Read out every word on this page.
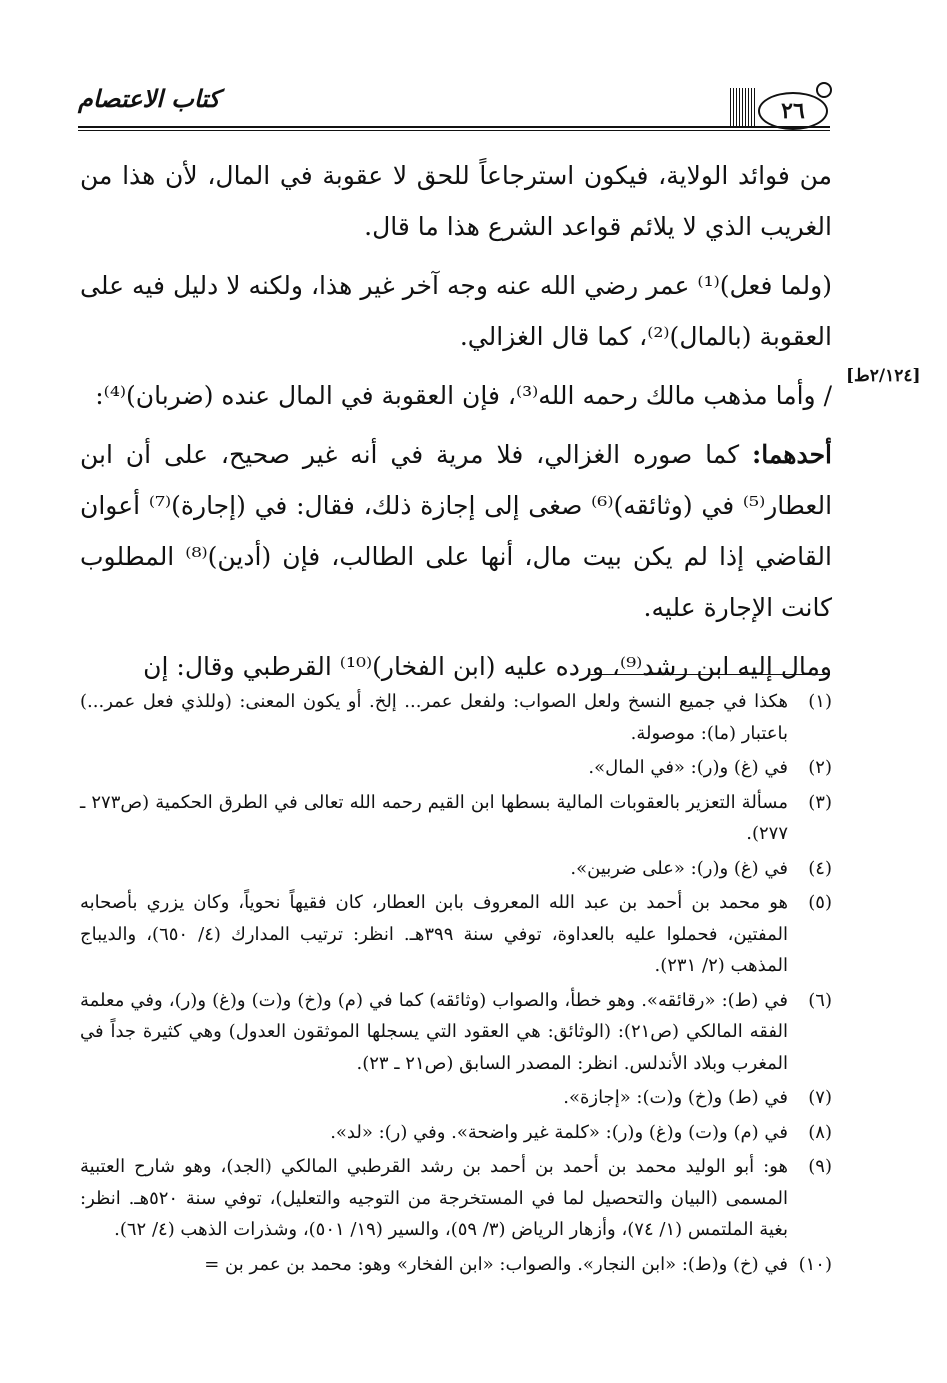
كتاب الاعتصام	٢٦
[٢/١٢٤ط]

من فوائد الولاية، فيكون استرجاعاً للحق لا عقوبة في المال، لأن هذا من الغريب الذي لا يلائم قواعد الشرع هذا ما قال.

(ولما فعل)⁽¹⁾ عمر رضي الله عنه وجه آخر غير هذا، ولكنه لا دليل فيه على العقوبة (بالمال)⁽²⁾، كما قال الغزالي.

/ وأما مذهب مالك رحمه الله⁽³⁾، فإن العقوبة في المال عنده (ضربان)⁽⁴⁾:

أحدهما: كما صوره الغزالي، فلا مرية في أنه غير صحيح، على أن ابن العطار⁽⁵⁾ في (وثائقه)⁽⁶⁾ صغى إلى إجازة ذلك، فقال: في (إجارة)⁽⁷⁾ أعوان القاضي إذا لم يكن بيت مال، أنها على الطالب، فإن (أدين)⁽⁸⁾ المطلوب كانت الإجارة عليه.

ومال إليه ابن رشد⁽⁹⁾، ورده عليه (ابن الفخار)⁽¹⁰⁾ القرطبي وقال: إن

(١)
هكذا في جميع النسخ ولعل الصواب: ولفعل عمر... إلخ. أو يكون المعنى: (وللذي فعل عمر...) باعتبار (ما): موصولة.
(٢)
في (غ) و(ر): «في المال».
(٣)
مسألة التعزير بالعقوبات المالية بسطها ابن القيم رحمه الله تعالى في الطرق الحكمية (ص٢٧٣ ـ ٢٧٧).
(٤)
في (غ) و(ر): «على ضربين».
(٥)
هو محمد بن أحمد بن عبد الله المعروف بابن العطار، كان فقيهاً نحوياً، وكان يزري بأصحابه المفتين، فحملوا عليه بالعداوة، توفي سنة ٣٩٩هـ. انظر: ترتيب المدارك (٤/ ٦٥٠)، والديباج المذهب (٢/ ٢٣١).
(٦)
في (ط): «رقائقه». وهو خطأ، والصواب (وثائقه) كما في (م) و(خ) و(ت) و(غ) و(ر)، وفي معلمة الفقه المالكي (ص٢١): (الوثائق: هي العقود التي يسجلها الموثقون العدول) وهي كثيرة جداً في المغرب وبلاد الأندلس. انظر: المصدر السابق (ص٢١ ـ ٢٣).
(٧)
في (ط) و(خ) و(ت): «إجازة».
(٨)
في (م) و(ت) و(غ) و(ر): «كلمة غير واضحة». وفي (ر): «لد».
(٩)
هو: أبو الوليد محمد بن أحمد بن أحمد بن رشد القرطبي المالكي (الجد)، وهو شارح العتبية المسمى (البيان والتحصيل لما في المستخرجة من التوجيه والتعليل)، توفي سنة ٥٢٠هـ. انظر: بغية الملتمس (١/ ٧٤)، وأزهار الرياض (٣/ ٥٩)، والسير (١٩/ ٥٠١)، وشذرات الذهب (٤/ ٦٢).
(١٠)
في (خ) و(ط): «ابن النجار». والصواب: «ابن الفخار» وهو: محمد بن عمر بن =
